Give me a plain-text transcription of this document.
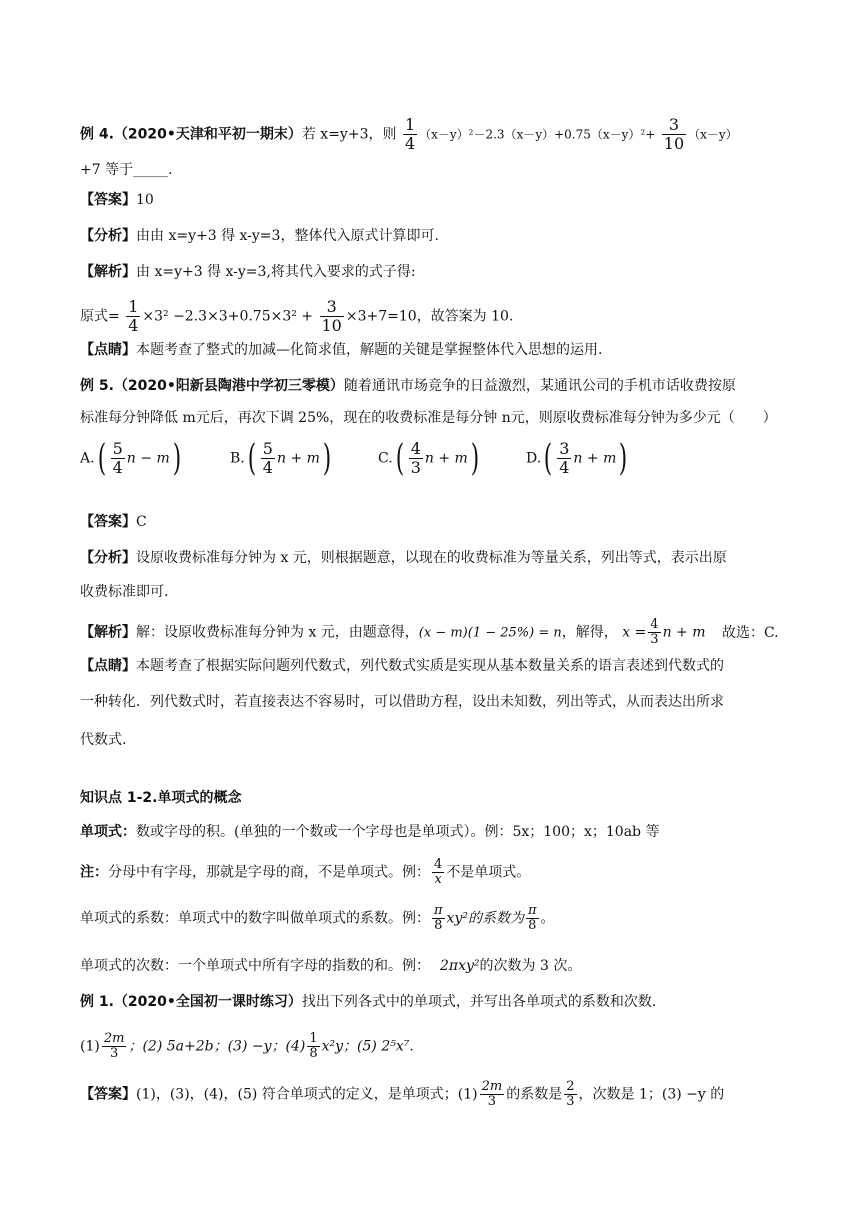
例 4.（2020•天津和平初一期末）若 x=y+3，则 $\frac{1}{4} (x-y)^2-2.3(x-y)+0.75(x-y)^2+ \frac{3}{10} (x-y)$
+7 等于_____.
【答案】10
【分析】由由 x=y+3 得 x-y=3，整体代入原式计算即可.
【解析】由 x=y+3 得 x-y=3,将其代入要求的式子得:
原式= $\frac{1}{4} \times 3^2 -2.3\times 3+0.75\times 3^2 + \frac{3}{10} \times 3+7=10$，故答案为 10.
【点睛】本题考查了整式的加减—化简求值，解题的关键是掌握整体代入思想的运用.
例 5.（2020•阳新县陶港中学初三零模）随着通讯市场竞争的日益激烈，某通讯公司的手机市话收费按原
标准每分钟降低 m元后，再次下调 25%，现在的收费标准是每分钟 n元，则原收费标准每分钟为多少元（　　）
$A.( \frac{5}{4}$ n − m)	$B.( \frac{5}{4}$ n + m)	$C.( \frac{4}{3}$ n + m)	$D.( \frac{3}{4}$ n + m)
【答案】C
【分析】设原收费标准每分钟为 x 元，则根据题意，以现在的收费标准为等量关系，列出等式，表示出原
收费标准即可.
【解析】解：设原收费标准每分钟为 x 元，由题意得，(x − m)(1 − 25%) = n，解得， $x = \frac{4}{3}$ n + m 故选：C.
【点睛】本题考查了根据实际问题列代数式，列代数式实质是实现从基本数量关系的语言表述到代数式的
一种转化．列代数式时，若直接表达不容易时，可以借助方程，设出未知数，列出等式，从而表达出所求
代数式.
知识点 1-2.单项式的概念
单项式：数或字母的积。(单独的一个数或一个字母也是单项式）。例：5x；100；x；10ab 等
注：分母中有字母，那就是字母的商，不是单项式。例： $\frac{4}{x}$ 不是单项式。
单项式的系数：单项式中的数字叫做单项式的系数。例： $\frac{\pi}{8} xy^2$的系数为 $\frac{\pi}{8}$ 。
单项式的次数：一个单项式中所有字母的指数的和。例： 2πxy²的次数为 3 次。
例 1.（2020•全国初一课时练习）找出下列各式中的单项式，并写出各单项式的系数和次数.
$(1) \frac{2m}{3}$ ；(2) 5a+2b；(3) −y；$(4) \frac{1}{8} x^2y$；(5) 2⁵x⁷.
【答案】(1)，(3)，(4)，(5) 符合单项式的定义，是单项式；$(1) \frac{2m}{3}$ 的系数是 $\frac{2}{3}$ ，次数是 1；(3) −y 的
